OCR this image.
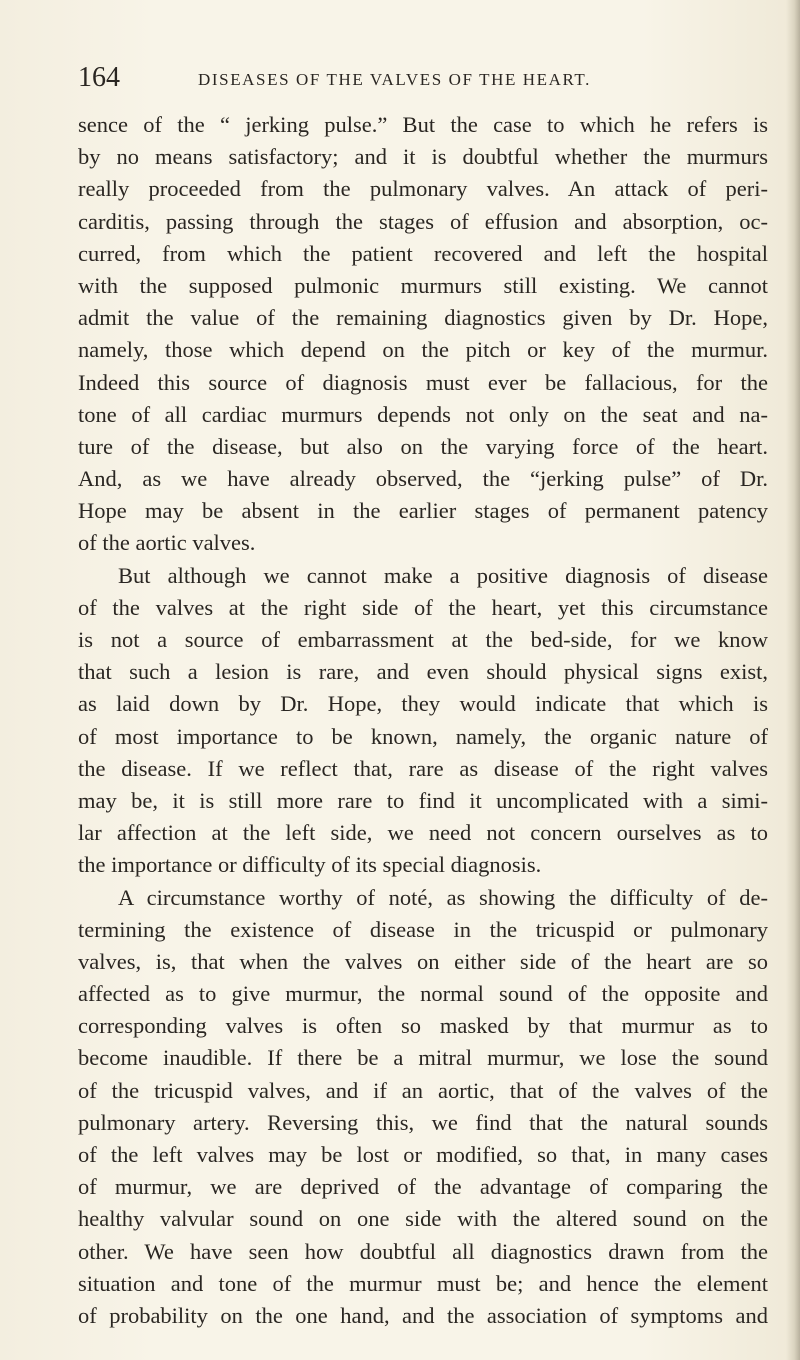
164	DISEASES OF THE VALVES OF THE HEART.
sence of the “ jerking pulse.” But the case to which he refers is
by no means satisfactory; and it is doubtful whether the murmurs
really proceeded from the pulmonary valves. An attack of peri-
carditis, passing through the stages of effusion and absorption, oc-
curred, from which the patient recovered and left the hospital
with the supposed pulmonic murmurs still existing. We cannot
admit the value of the remaining diagnostics given by Dr. Hope,
namely, those which depend on the pitch or key of the murmur.
Indeed this source of diagnosis must ever be fallacious, for the
tone of all cardiac murmurs depends not only on the seat and na-
ture of the disease, but also on the varying force of the heart.
And, as we have already observed, the “jerking pulse” of Dr.
Hope may be absent in the earlier stages of permanent patency
of the aortic valves.
But although we cannot make a positive diagnosis of disease
of the valves at the right side of the heart, yet this circumstance
is not a source of embarrassment at the bed-side, for we know
that such a lesion is rare, and even should physical signs exist,
as laid down by Dr. Hope, they would indicate that which is
of most importance to be known, namely, the organic nature of
the disease. If we reflect that, rare as disease of the right valves
may be, it is still more rare to find it uncomplicated with a simi-
lar affection at the left side, we need not concern ourselves as to
the importance or difficulty of its special diagnosis.
A circumstance worthy of noté, as showing the difficulty of de-
termining the existence of disease in the tricuspid or pulmonary
valves, is, that when the valves on either side of the heart are so
affected as to give murmur, the normal sound of the opposite and
corresponding valves is often so masked by that murmur as to
become inaudible. If there be a mitral murmur, we lose the sound
of the tricuspid valves, and if an aortic, that of the valves of the
pulmonary artery. Reversing this, we find that the natural sounds
of the left valves may be lost or modified, so that, in many cases
of murmur, we are deprived of the advantage of comparing the
healthy valvular sound on one side with the altered sound on the
other. We have seen how doubtful all diagnostics drawn from the
situation and tone of the murmur must be; and hence the element
of probability on the one hand, and the association of symptoms and
